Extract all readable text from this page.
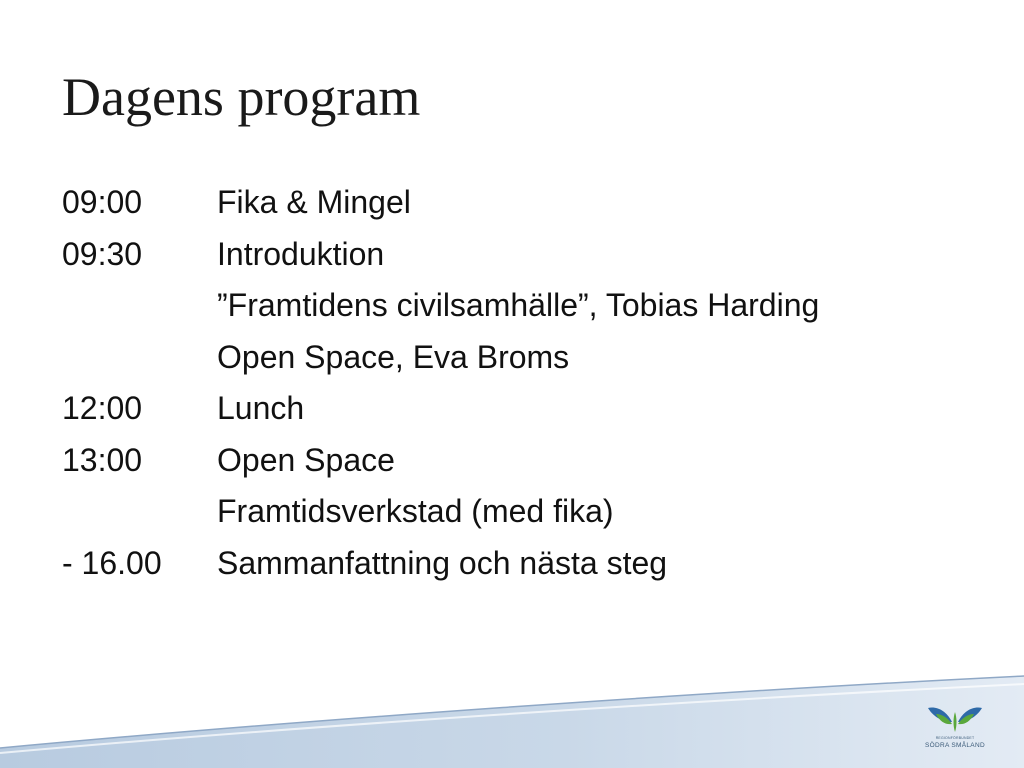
Dagens program
09:00	Fika & Mingel
09:30	Introduktion
”Framtidens civilsamhälle”, Tobias Harding
Open Space, Eva Broms
12:00	Lunch
13:00	Open Space
Framtidsverkstad (med fika)
- 16.00	Sammanfattning och nästa steg
REGIONFÖRBUNDET
SÖDRA SMÅLAND
